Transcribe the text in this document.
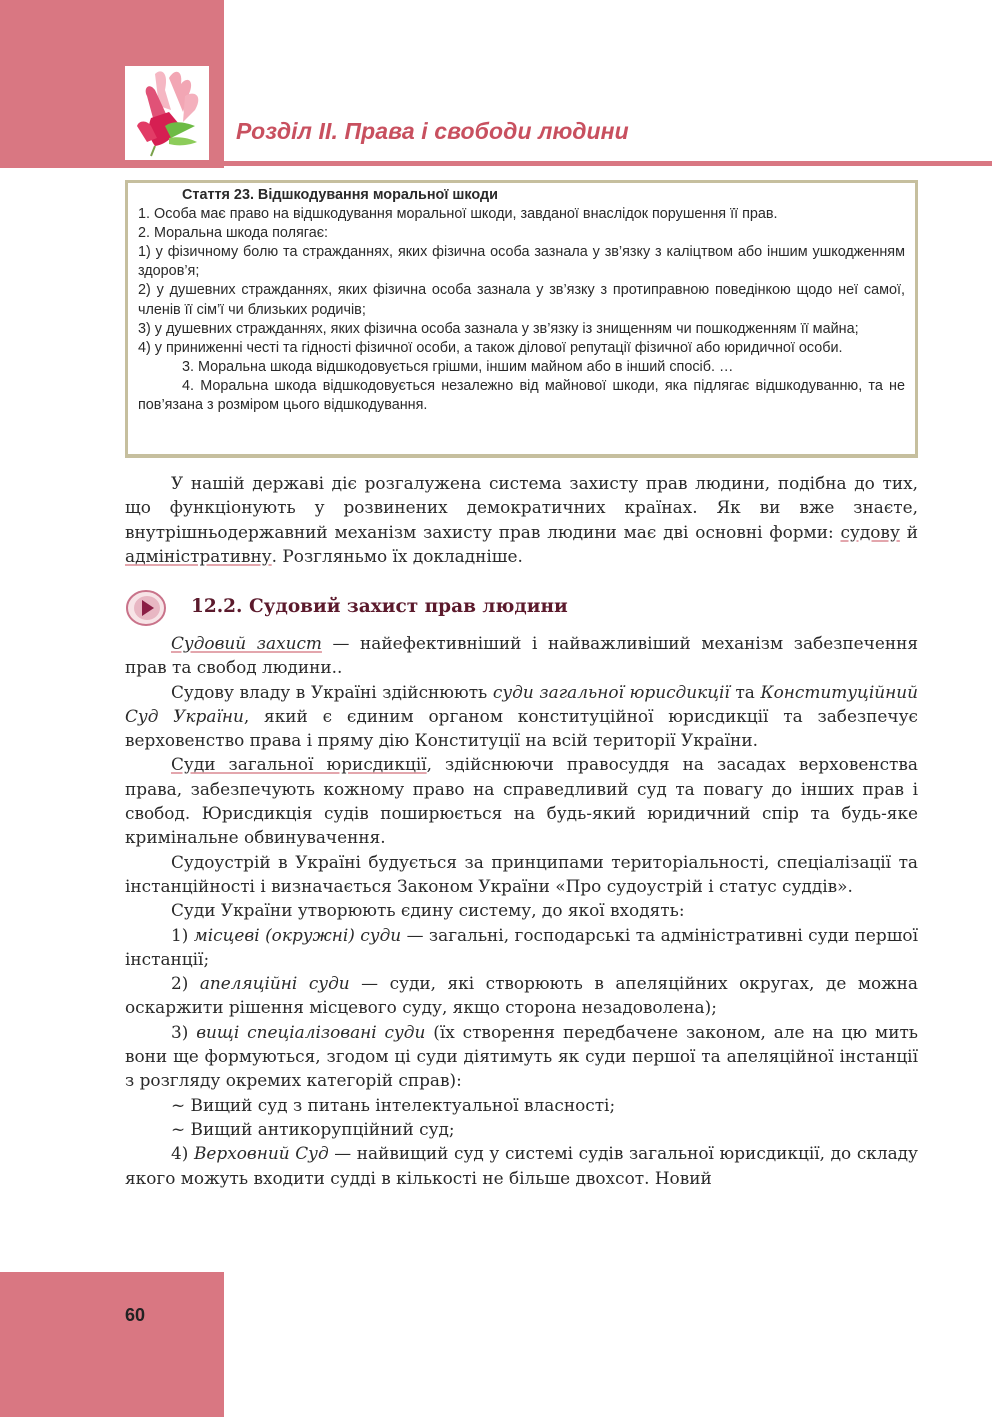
Розділ ІІ. Права і свободи людини

Стаття 23. Відшкодування моральної шкоди

1. Особа має право на відшкодування моральної шкоди, завданої внаслідок порушення її прав.

2. Моральна шкода полягає:

1) у фізичному болю та стражданнях, яких фізична особа зазнала у зв’язку з каліцтвом або іншим ушкодженням здоров’я;

2) у душевних стражданнях, яких фізична особа зазнала у зв’язку з протиправною поведінкою щодо неї самої, членів її сім’ї чи близьких родичів;

3) у душевних стражданнях, яких фізична особа зазнала у зв’язку із знищенням чи пошкодженням її майна;

4) у приниженні честі та гідності фізичної особи, а також ділової репутації фізичної або юридичної особи.

3. Моральна шкода відшкодовується грішми, іншим майном або в інший спосіб. …

4. Моральна шкода відшкодовується незалежно від майнової шкоди, яка підлягає відшкодуванню, та не пов’язана з розміром цього відшкодування.

У нашій державі діє розгалужена система захисту прав людини, подібна до тих, що функціонують у розвинених демократичних країнах. Як ви вже знаєте, внутрішньодержавний механізм захисту прав людини має дві основні форми: судову й адміністративну. Розгляньмо їх докладніше.

12.2. Судовий захист прав людини

Судовий захист — найефективніший і найважливіший механізм забезпечення прав та свобод людини..

Судову владу в Україні здійснюють суди загальної юрисдикції та Конституційний Суд України, який є єдиним органом конституційної юрисдикції та забезпечує верховенство права і пряму дію Конституції на всій території України.

Суди загальної юрисдикції, здійснюючи правосуддя на засадах верховенства права, забезпечують кожному право на справедливий суд та повагу до інших прав і свобод. Юрисдикція судів поширюється на будь-який юридичний спір та будь-яке кримінальне обвинувачення.

Судоустрій в Україні будується за принципами територіальності, спеціалізації та інстанційності і визначається Законом України «Про судоустрій і статус суддів».

Суди України утворюють єдину систему, до якої входять:

1) місцеві (окружні) суди — загальні, господарські та адміністративні суди першої інстанції;

2) апеляційні суди — суди, які створюють в апеляційних округах, де можна оскаржити рішення місцевого суду, якщо сторона незадоволена);

3) вищі спеціалізовані суди (їх створення передбачене законом, але на цю мить вони ще формуються, згодом ці суди діятимуть як суди першої та апеляційної інстанції з розгляду окремих категорій справ):

~ Вищий суд з питань інтелектуальної власності;

~ Вищий антикорупційний суд;

4) Верховний Суд — найвищий суд у системі судів загальної юрисдикції, до складу якого можуть входити судді в кількості не більше двохсот. Новий

60
